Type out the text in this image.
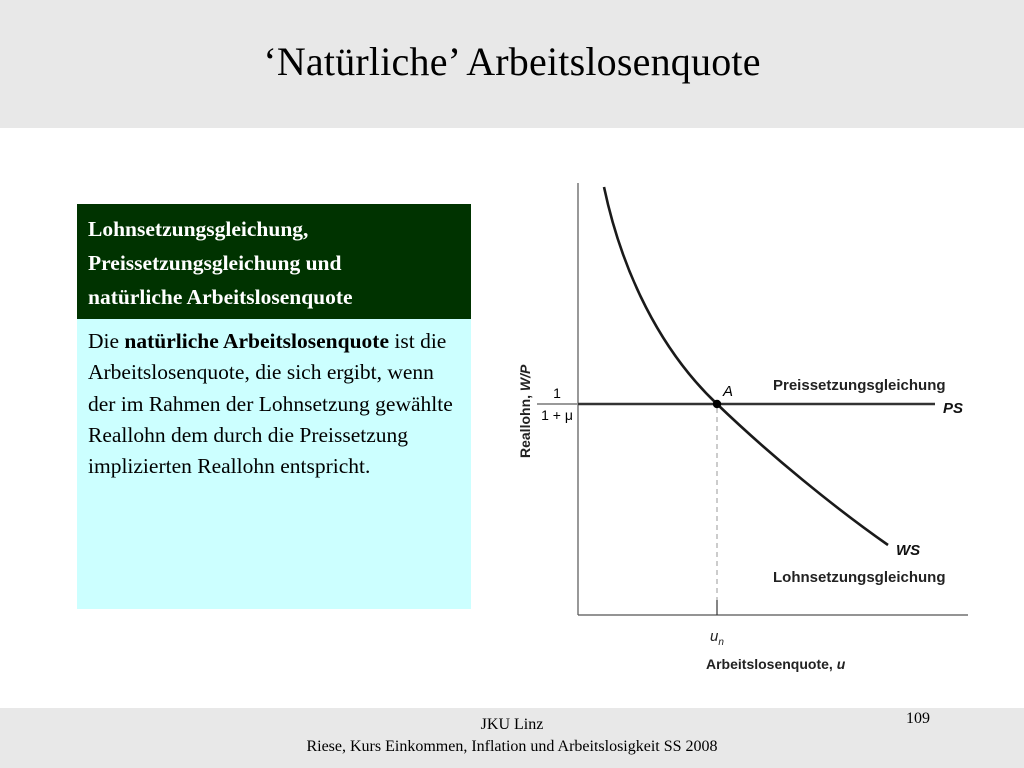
‘Natürliche’ Arbeitslosenquote
Lohnsetzungsgleichung,
Preissetzungsgleichung und
natürliche Arbeitslosenquote
Die natürliche Arbeitslosenquote ist die Arbeitslosenquote, die sich ergibt, wenn der im Rahmen der Lohnsetzung gewählte Reallohn dem durch die Preissetzung implizierten Reallohn entspricht.
A
1
1 + μ
Reallohn, W/P	Preissetzungsgleichung
PS
WS
Lohnsetzungsgleichung
$u_n$
Arbeitslosenquote, u
JKU Linz
Riese, Kurs Einkommen, Inflation und Arbeitslosigkeit SS 2008
109
